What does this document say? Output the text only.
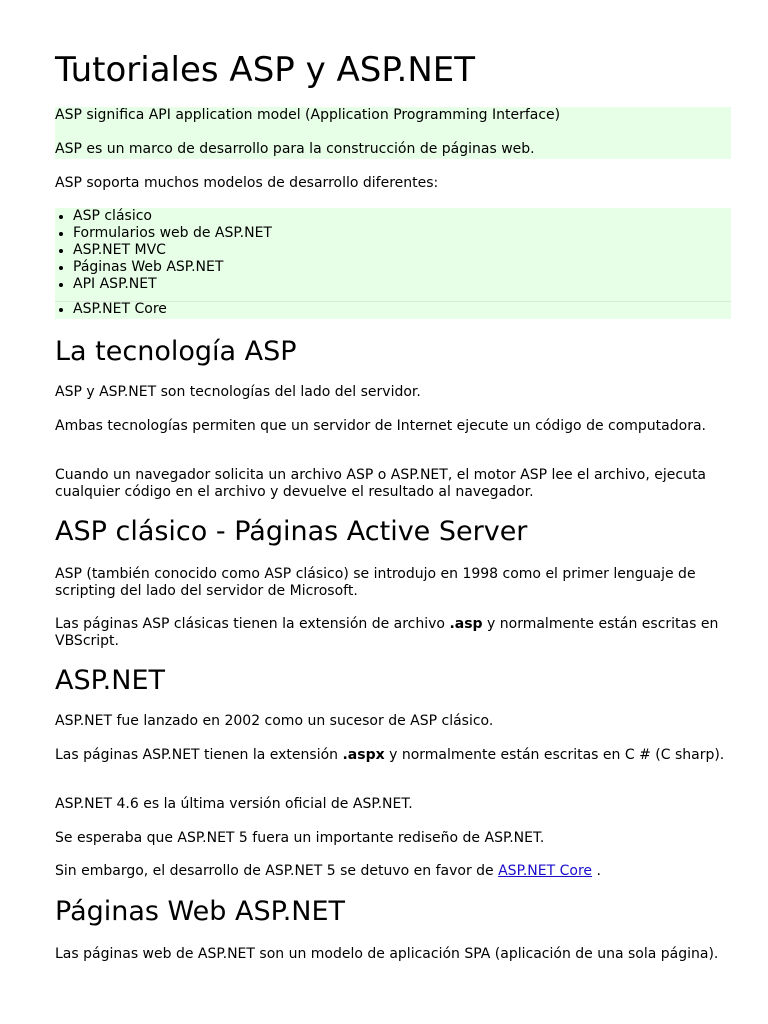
Tutoriales ASP y ASP.NET

ASP significa API application model (Application Programming Interface)

ASP es un marco de desarrollo para la construcción de páginas web.

ASP soporta muchos modelos de desarrollo diferentes:

ASP clásico
Formularios web de ASP.NET
ASP.NET MVC
Páginas Web ASP.NET
API ASP.NET
ASP.NET Core
La tecnología ASP

ASP y ASP.NET son tecnologías del lado del servidor.

Ambas tecnologías permiten que un servidor de Internet ejecute un código de computadora.

Cuando un navegador solicita un archivo ASP o ASP.NET, el motor ASP lee el archivo, ejecuta cualquier código en el archivo y devuelve el resultado al navegador.

ASP clásico - Páginas Active Server

ASP (también conocido como ASP clásico) se introdujo en 1998 como el primer lenguaje de scripting del lado del servidor de Microsoft.

Las páginas ASP clásicas tienen la extensión de archivo .asp y normalmente están escritas en VBScript.

ASP.NET

ASP.NET fue lanzado en 2002 como un sucesor de ASP clásico.

Las páginas ASP.NET tienen la extensión .aspx y normalmente están escritas en C # (C sharp).

ASP.NET 4.6 es la última versión oficial de ASP.NET.

Se esperaba que ASP.NET 5 fuera un importante rediseño de ASP.NET.

Sin embargo, el desarrollo de ASP.NET 5 se detuvo en favor de ASP.NET Core .

Páginas Web ASP.NET

Las páginas web de ASP.NET son un modelo de aplicación SPA (aplicación de una sola página).
